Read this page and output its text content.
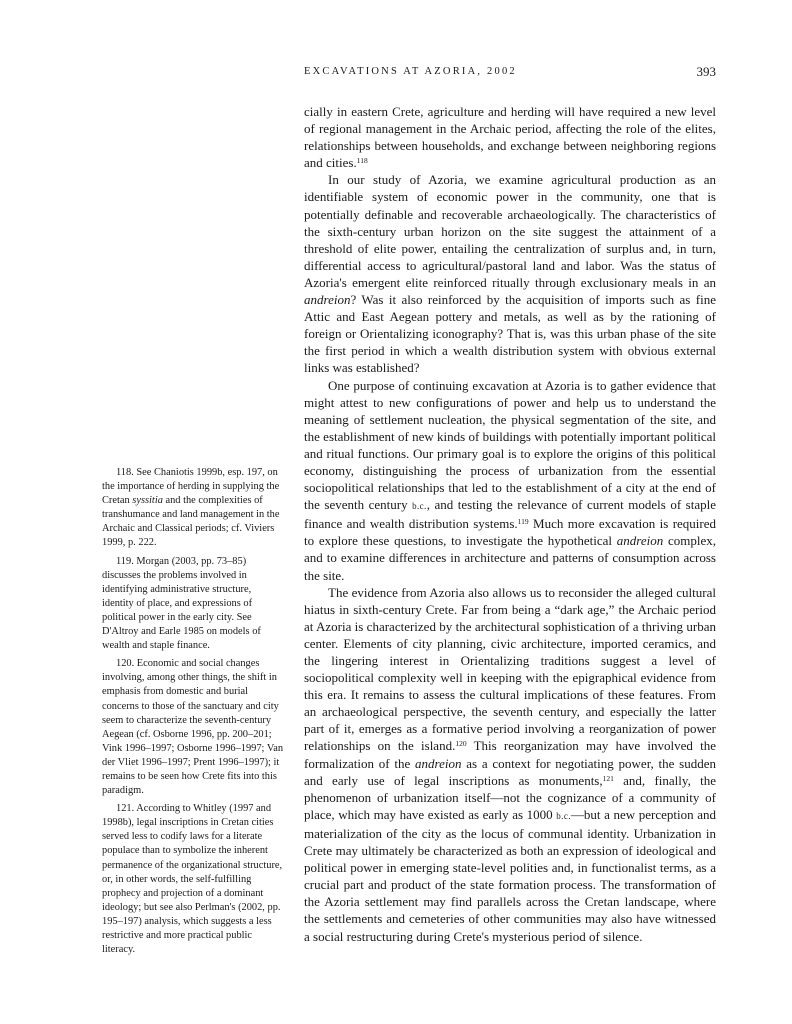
EXCAVATIONS AT AZORIA, 2002	393

cially in eastern Crete, agriculture and herding will have required a new level of regional management in the Archaic period, affecting the role of the elites, relationships between households, and exchange between neighboring regions and cities.$^{118}$

In our study of Azoria, we examine agricultural production as an identifiable system of economic power in the community, one that is potentially definable and recoverable archaeologically. The characteristics of the sixth-century urban horizon on the site suggest the attainment of a threshold of elite power, entailing the centralization of surplus and, in turn, differential access to agricultural/pastoral land and labor. Was the status of Azoria's emergent elite reinforced ritually through exclusionary meals in an andreion? Was it also reinforced by the acquisition of imports such as fine Attic and East Aegean pottery and metals, as well as by the rationing of foreign or Orientalizing iconography? That is, was this urban phase of the site the first period in which a wealth distribution system with obvious external links was established?

One purpose of continuing excavation at Azoria is to gather evidence that might attest to new configurations of power and help us to understand the meaning of settlement nucleation, the physical segmentation of the site, and the establishment of new kinds of buildings with potentially important political and ritual functions. Our primary goal is to explore the origins of this political economy, distinguishing the process of urbanization from the essential sociopolitical relationships that led to the establishment of a city at the end of the seventh century b.c., and testing the relevance of current models of staple finance and wealth distribution systems.$^{119}$ Much more excavation is required to explore these questions, to investigate the hypothetical andreion complex, and to examine differences in architecture and patterns of consumption across the site.

The evidence from Azoria also allows us to reconsider the alleged cultural hiatus in sixth-century Crete. Far from being a “dark age,” the Archaic period at Azoria is characterized by the architectural sophistication of a thriving urban center. Elements of city planning, civic architecture, imported ceramics, and the lingering interest in Orientalizing traditions suggest a level of sociopolitical complexity well in keeping with the epigraphical evidence from this era. It remains to assess the cultural implications of these features. From an archaeological perspective, the seventh century, and especially the latter part of it, emerges as a formative period involving a reorganization of power relationships on the island.$^{120}$ This reorganization may have involved the formalization of the andreion as a context for negotiating power, the sudden and early use of legal inscriptions as monuments,$^{121}$ and, finally, the phenomenon of urbanization itself—not the cognizance of a community of place, which may have existed as early as 1000 b.c.—but a new perception and materialization of the city as the locus of communal identity. Urbanization in Crete may ultimately be characterized as both an expression of ideological and political power in emerging state-level polities and, in functionalist terms, as a crucial part and product of the state formation process. The transformation of the Azoria settlement may find parallels across the Cretan landscape, where the settlements and cemeteries of other communities may also have witnessed a social restructuring during Crete's mysterious period of silence.

118. See Chaniotis 1999b, esp. 197, on the importance of herding in supplying the Cretan syssitia and the complexities of transhumance and land management in the Archaic and Classical periods; cf. Viviers 1999, p. 222.

119. Morgan (2003, pp. 73–85) discusses the problems involved in identifying administrative structure, identity of place, and expressions of political power in the early city. See D'Altroy and Earle 1985 on models of wealth and staple finance.

120. Economic and social changes involving, among other things, the shift in emphasis from domestic and burial concerns to those of the sanctuary and city seem to characterize the seventh-century Aegean (cf. Osborne 1996, pp. 200–201; Vink 1996–1997; Osborne 1996–1997; Van der Vliet 1996–1997; Prent 1996–1997); it remains to be seen how Crete fits into this paradigm.

121. According to Whitley (1997 and 1998b), legal inscriptions in Cretan cities served less to codify laws for a literate populace than to symbolize the inherent permanence of the organizational structure, or, in other words, the self-fulfilling prophecy and projection of a dominant ideology; but see also Perlman's (2002, pp. 195–197) analysis, which suggests a less restrictive and more practical public literacy.
